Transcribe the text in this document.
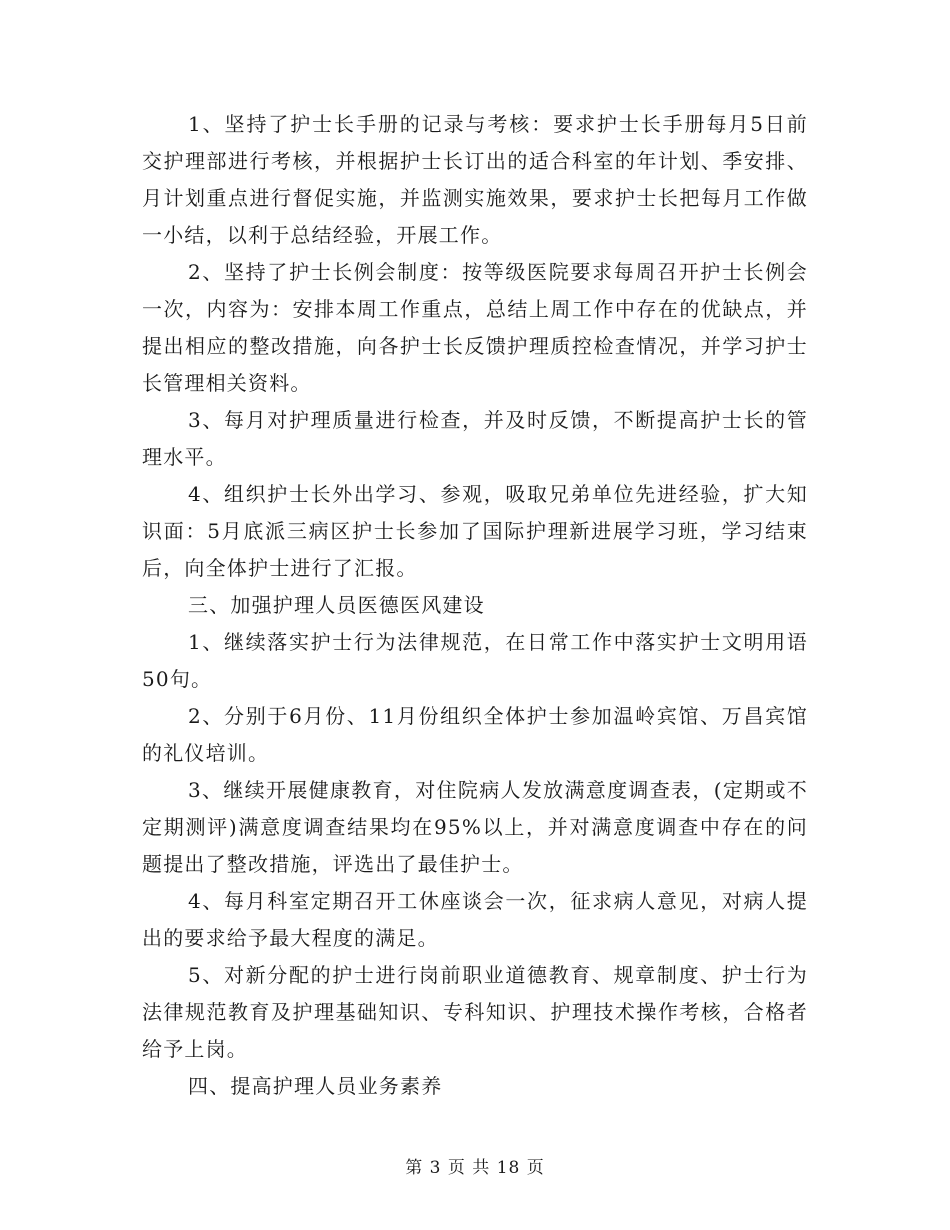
1、坚持了护士长手册的记录与考核：要求护士长手册每月5日前交护理部进行考核，并根据护士长订出的适合科室的年计划、季安排、月计划重点进行督促实施，并监测实施效果，要求护士长把每月工作做一小结，以利于总结经验，开展工作。

2、坚持了护士长例会制度：按等级医院要求每周召开护士长例会一次，内容为：安排本周工作重点，总结上周工作中存在的优缺点，并提出相应的整改措施，向各护士长反馈护理质控检查情况，并学习护士长管理相关资料。

3、每月对护理质量进行检查，并及时反馈，不断提高护士长的管理水平。

4、组织护士长外出学习、参观，吸取兄弟单位先进经验，扩大知识面：5月底派三病区护士长参加了国际护理新进展学习班，学习结束后，向全体护士进行了汇报。

三、加强护理人员医德医风建设

1、继续落实护士行为法律规范，在日常工作中落实护士文明用语50句。

2、分别于6月份、11月份组织全体护士参加温岭宾馆、万昌宾馆的礼仪培训。

3、继续开展健康教育，对住院病人发放满意度调查表，(定期或不定期测评)满意度调查结果均在95%以上，并对满意度调查中存在的问题提出了整改措施，评选出了最佳护士。

4、每月科室定期召开工休座谈会一次，征求病人意见，对病人提出的要求给予最大程度的满足。

5、对新分配的护士进行岗前职业道德教育、规章制度、护士行为法律规范教育及护理基础知识、专科知识、护理技术操作考核，合格者给予上岗。

四、提高护理人员业务素养

第 3 页 共 18 页
